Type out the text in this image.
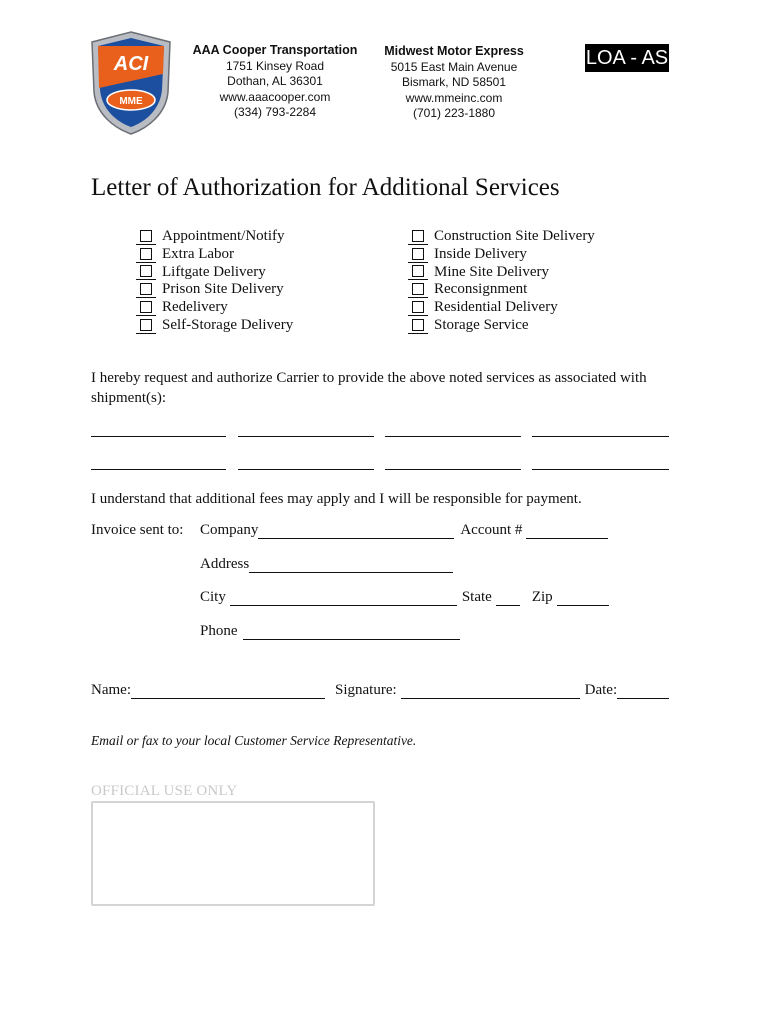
ACI
MME
AAA Cooper Transportation
1751 Kinsey Road
Dothan, AL 36301
www.aaacooper.com
(334) 793-2284
Midwest Motor Express
5015 East Main Avenue
Bismark, ND 58501
www.mmeinc.com
(701) 223-1880
LOA - AS
Letter of Authorization for Additional Services
Appointment/Notify
Extra Labor
Liftgate Delivery
Prison Site Delivery
Redelivery
Self-Storage Delivery
Construction Site Delivery
Inside Delivery
Mine Site Delivery
Reconsignment
Residential Delivery
Storage Service
I hereby request and authorize Carrier to provide the above noted services as associated with shipment(s):
I understand that additional fees may apply and I will be responsible for payment.
Invoice sent to:	Company	Account #
Address
City	State	Zip
Phone
Name:	Signature:	Date:
Email or fax to your local Customer Service Representative.
OFFICIAL USE ONLY
